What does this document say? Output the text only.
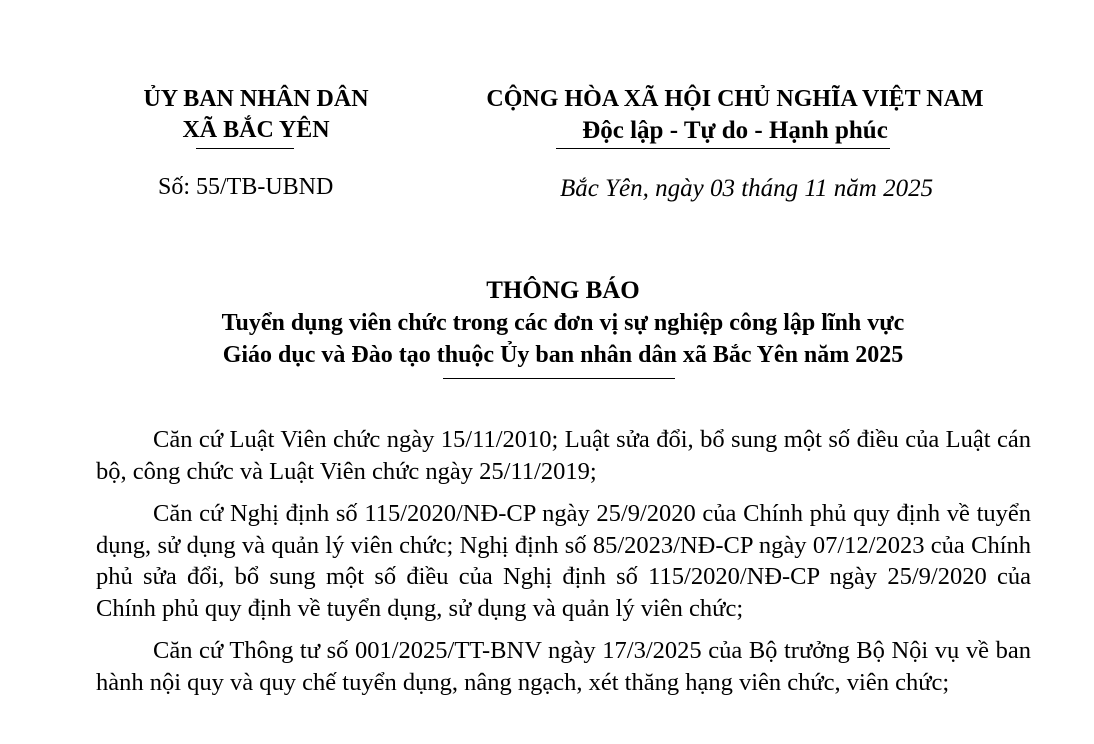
ỦY BAN NHÂN DÂN
XÃ BẮC YÊN
CỘNG HÒA XÃ HỘI CHỦ NGHĨA VIỆT NAM
Độc lập - Tự do - Hạnh phúc
Số: 55/TB-UBND	Bắc Yên, ngày 03 tháng 11 năm 2025
THÔNG BÁO
Tuyển dụng viên chức trong các đơn vị sự nghiệp công lập lĩnh vực
Giáo dục và Đào tạo thuộc Ủy ban nhân dân xã Bắc Yên năm 2025

Căn cứ Luật Viên chức ngày 15/11/2010; Luật sửa đổi, bổ sung một số điều của Luật cán bộ, công chức và Luật Viên chức ngày 25/11/2019;

Căn cứ Nghị định số 115/2020/NĐ-CP ngày 25/9/2020 của Chính phủ quy định về tuyển dụng, sử dụng và quản lý viên chức; Nghị định số 85/2023/NĐ-CP ngày 07/12/2023 của Chính phủ sửa đổi, bổ sung một số điều của Nghị định số 115/2020/NĐ-CP ngày 25/9/2020 của Chính phủ quy định về tuyển dụng, sử dụng và quản lý viên chức;

Căn cứ Thông tư số 001/2025/TT-BNV ngày 17/3/2025 của Bộ trưởng Bộ Nội vụ về ban hành nội quy và quy chế tuyển dụng, nâng ngạch, xét thăng hạng viên chức, viên chức;
